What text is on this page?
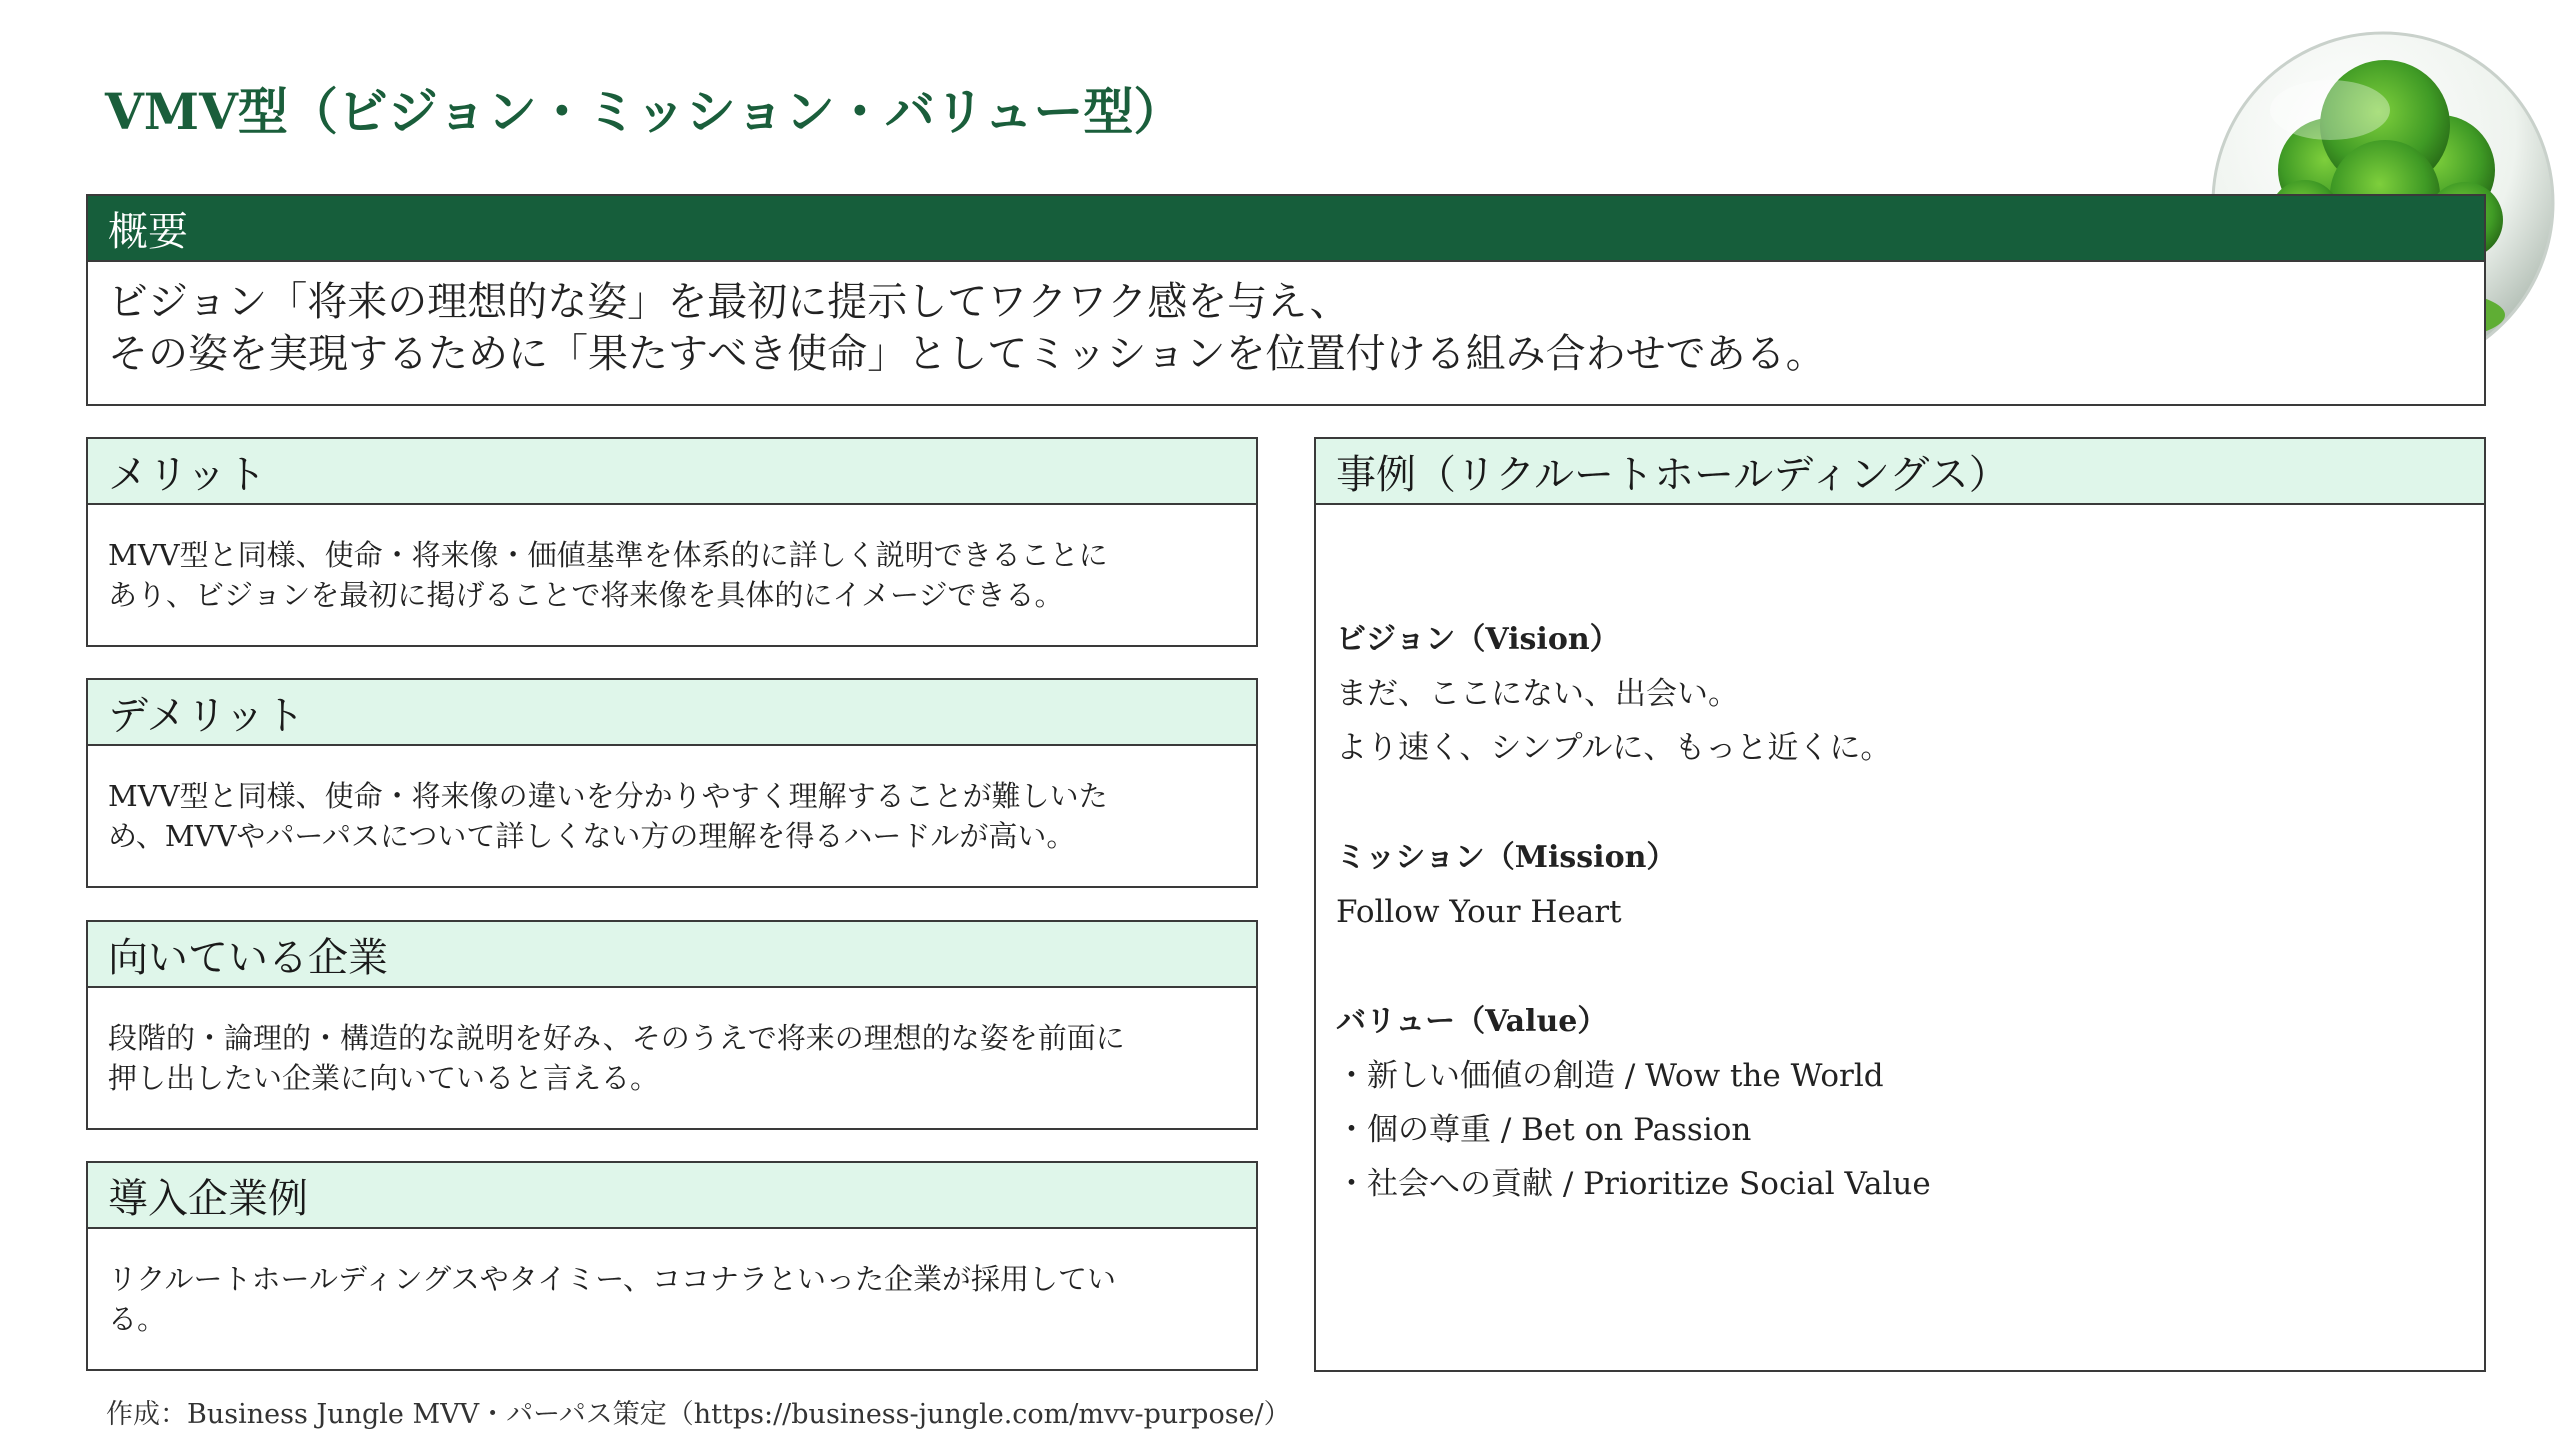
VMV型（ビジョン・ミッション・バリュー型）
概要
ビジョン「将来の理想的な姿」を最初に提示してワクワク感を与え、
その姿を実現するために「果たすべき使命」としてミッションを位置付ける組み合わせである。
メリット
MVV型と同様、使命・将来像・価値基準を体系的に詳しく説明できることに
あり、ビジョンを最初に掲げることで将来像を具体的にイメージできる。
デメリット
MVV型と同様、使命・将来像の違いを分かりやすく理解することが難しいた
め、MVVやパーパスについて詳しくない方の理解を得るハードルが高い。
向いている企業
段階的・論理的・構造的な説明を好み、そのうえで将来の理想的な姿を前面に
押し出したい企業に向いていると言える。
導入企業例
リクルートホールディングスやタイミー、ココナラといった企業が採用してい
る。
事例（リクルートホールディングス）
ビジョン（Vision）
まだ、ここにない、出会い。
より速く、シンプルに、もっと近くに。
ミッション（Mission）
Follow Your Heart
バリュー（Value）
・新しい価値の創造 / Wow the World
・個の尊重 / Bet on Passion
・社会への貢献 / Prioritize Social Value
作成：Business Jungle MVV・パーパス策定（https://business-jungle.com/mvv-purpose/）
